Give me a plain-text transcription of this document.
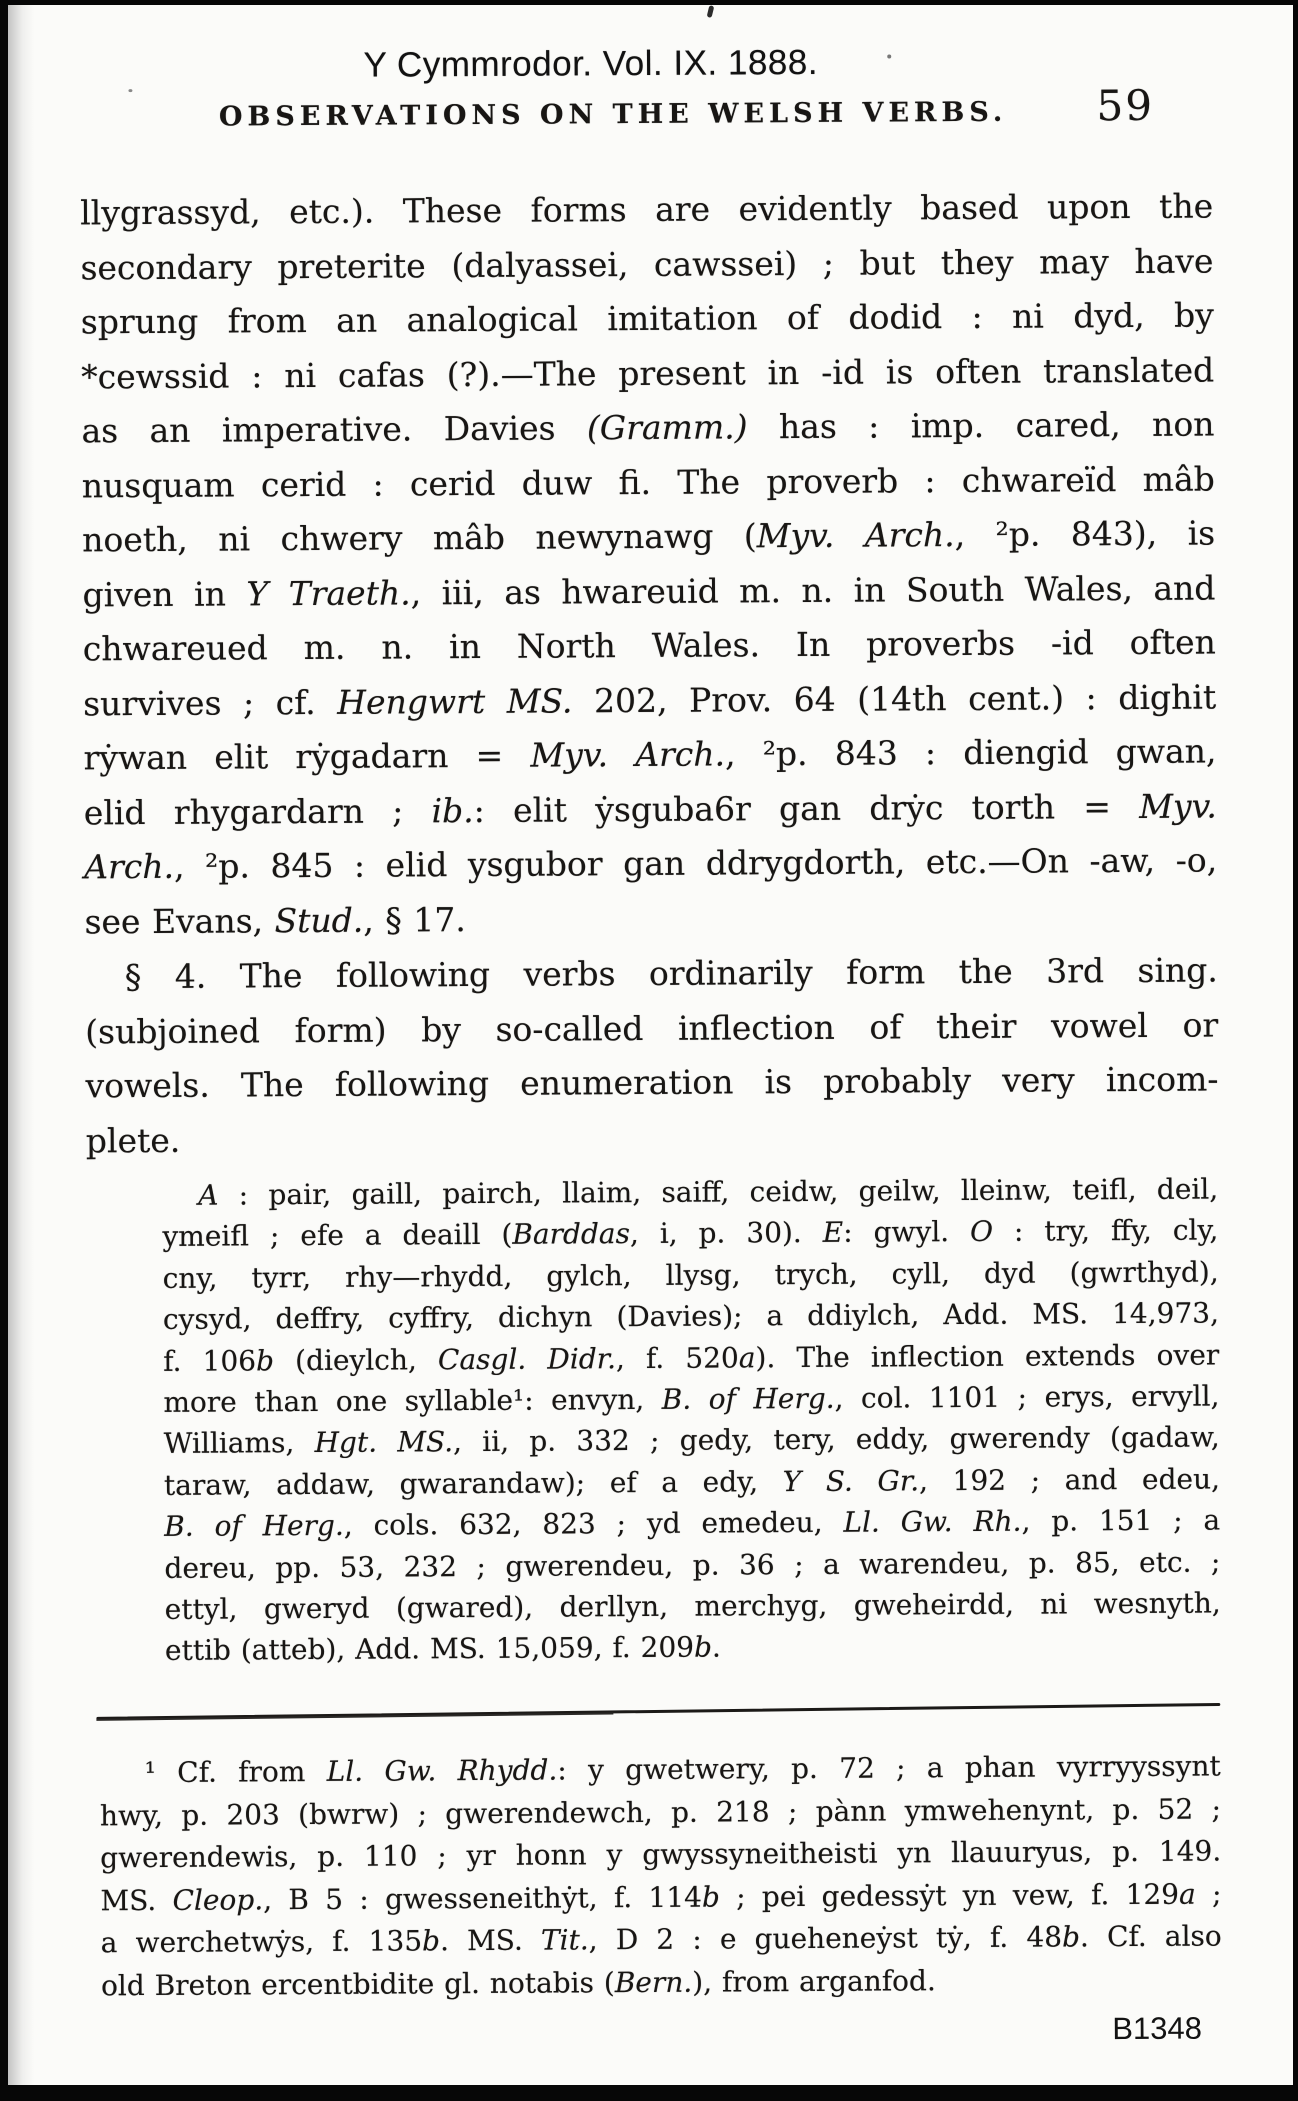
Y Cymmrodor. Vol. IX. 1888.
OBSERVATIONS ON THE WELSH VERBS.	59
llygrassyd, etc.). These forms are evidently based upon the
secondary preterite (dalyassei, cawssei) ; but they may have
sprung from an analogical imitation of dodid : ni dyd, by
*cewssid : ni cafas (?).—The present in -id is often translated
as an imperative. Davies (Gramm.) has : imp. cared, non
nusquam cerid : cerid duw fi. The proverb : chwareïd mâb
noeth, ni chwery mâb newynawg (Myv. Arch., ²p. 843), is
given in Y Traeth., iii, as hwareuid m. n. in South Wales, and
chwareued m. n. in North Wales. In proverbs -id often
survives ; cf. Hengwrt MS. 202, Prov. 64 (14th cent.) : dighit
rẏwan elit rẏgadarn = Myv. Arch., ²p. 843 : diengid gwan,
elid rhygardarn ; ib.: elit ẏsguba6r gan drẏc torth = Myv.
Arch., ²p. 845 : elid ysgubor gan ddrygdorth, etc.—On -aw, -o,
see Evans, Stud., § 17.
§ 4. The following verbs ordinarily form the 3rd sing.
(subjoined form) by so-called inflection of their vowel or
vowels. The following enumeration is probably very incom-
plete.
A : pair, gaill, pairch, llaim, saiff, ceidw, geilw, lleinw, teifl, deil,
ymeifl ; efe a deaill (Barddas, i, p. 30). E: gwyl. O : try, ffy, cly,
cny, tyrr, rhy—rhydd, gylch, llysg, trych, cyll, dyd (gwrthyd),
cysyd, deffry, cyffry, dichyn (Davies); a ddiylch, Add. MS. 14,973,
f. 106b (dieylch, Casgl. Didr., f. 520a). The inflection extends over
more than one syllable¹: envyn, B. of Herg., col. 1101 ; erys, ervyll,
Williams, Hgt. MS., ii, p. 332 ; gedy, tery, eddy, gwerendy (gadaw,
taraw, addaw, gwarandaw); ef a edy, Y S. Gr., 192 ; and edeu,
B. of Herg., cols. 632, 823 ; yd emedeu, Ll. Gw. Rh., p. 151 ; a
dereu, pp. 53, 232 ; gwerendeu, p. 36 ; a warendeu, p. 85, etc. ;
ettyl, gweryd (gwared), derllyn, merchyg, gweheirdd, ni wesnyth,
ettib (atteb), Add. MS. 15,059, f. 209b.
¹ Cf. from Ll. Gw. Rhydd.: y gwetwery, p. 72 ; a phan vyrryyssynt
hwy, p. 203 (bwrw) ; gwerendewch, p. 218 ; pànn ymwehenynt, p. 52 ;
gwerendewis, p. 110 ; yr honn y gwyssyneitheisti yn llauuryus, p. 149.
MS. Cleop., B 5 : gwesseneithẏt, f. 114b ; pei gedessẏt yn vew, f. 129a ;
a werchetwẏs, f. 135b. MS. Tit., D 2 : e gueheneẏst tẏ, f. 48b. Cf. also
old Breton ercentbidite gl. notabis (Bern.), from arganfod.
B1348
